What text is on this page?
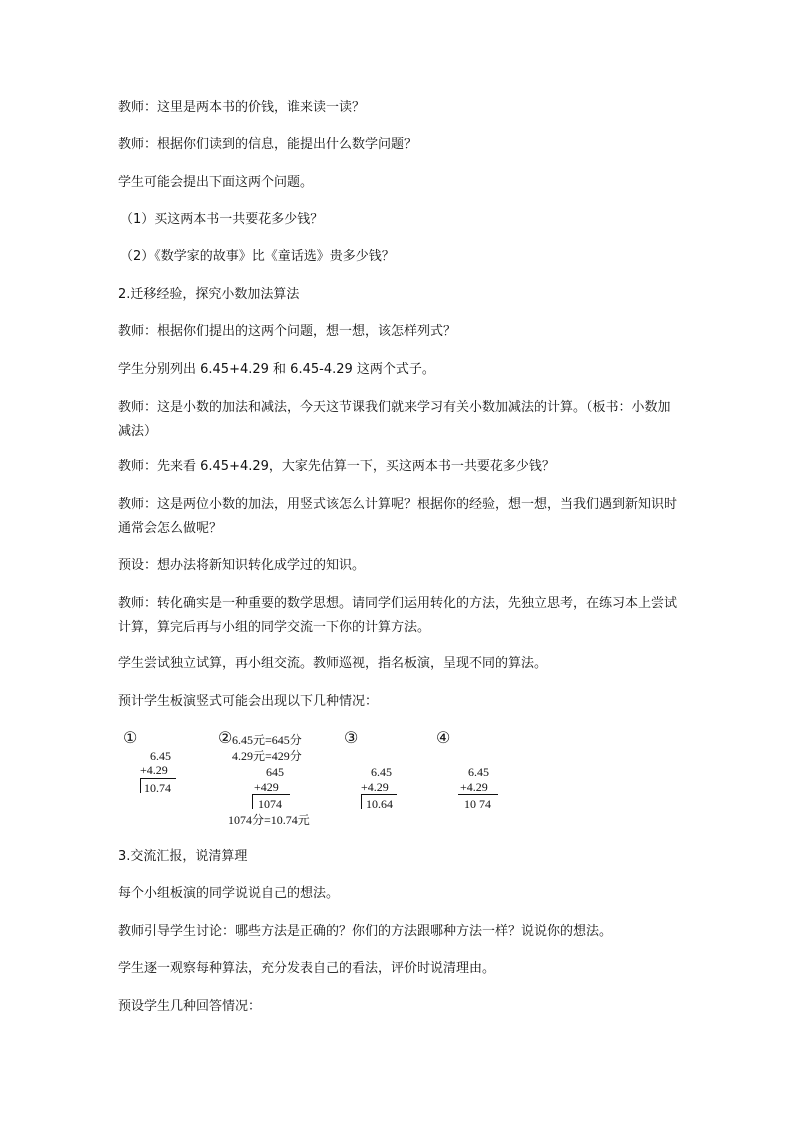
教师：这里是两本书的价钱，谁来读一读？

教师：根据你们读到的信息，能提出什么数学问题？

学生可能会提出下面这两个问题。

（1）买这两本书一共要花多少钱？

（2）《数学家的故事》比《童话选》贵多少钱？

2.迁移经验，探究小数加法算法

教师：根据你们提出的这两个问题，想一想，该怎样列式？

学生分别列出 6.45+4.29 和 6.45-4.29 这两个式子。

教师：这是小数的加法和减法，今天这节课我们就来学习有关小数加减法的计算。（板书：小数加减法）

教师：先来看 6.45+4.29，大家先估算一下，买这两本书一共要花多少钱？

教师：这是两位小数的加法，用竖式该怎么计算呢？根据你的经验，想一想，当我们遇到新知识时通常会怎么做呢？

预设：想办法将新知识转化成学过的知识。

教师：转化确实是一种重要的数学思想。请同学们运用转化的方法，先独立思考，在练习本上尝试计算，算完后再与小组的同学交流一下你的计算方法。

学生尝试独立试算，再小组交流。教师巡视，指名板演，呈现不同的算法。

预计学生板演竖式可能会出现以下几种情况：

①
6.45
+4.29
10.74
② 6.45元=645分
4.29元=429分
645
+429
1074
1074分=10.74元
③
6.45
+4.29
10.64
④
6.45
+4.29
10 74

3.交流汇报，说清算理

每个小组板演的同学说说自己的想法。

教师引导学生讨论：哪些方法是正确的？你们的方法跟哪种方法一样？说说你的想法。

学生逐一观察每种算法，充分发表自己的看法，评价时说清理由。

预设学生几种回答情况：
